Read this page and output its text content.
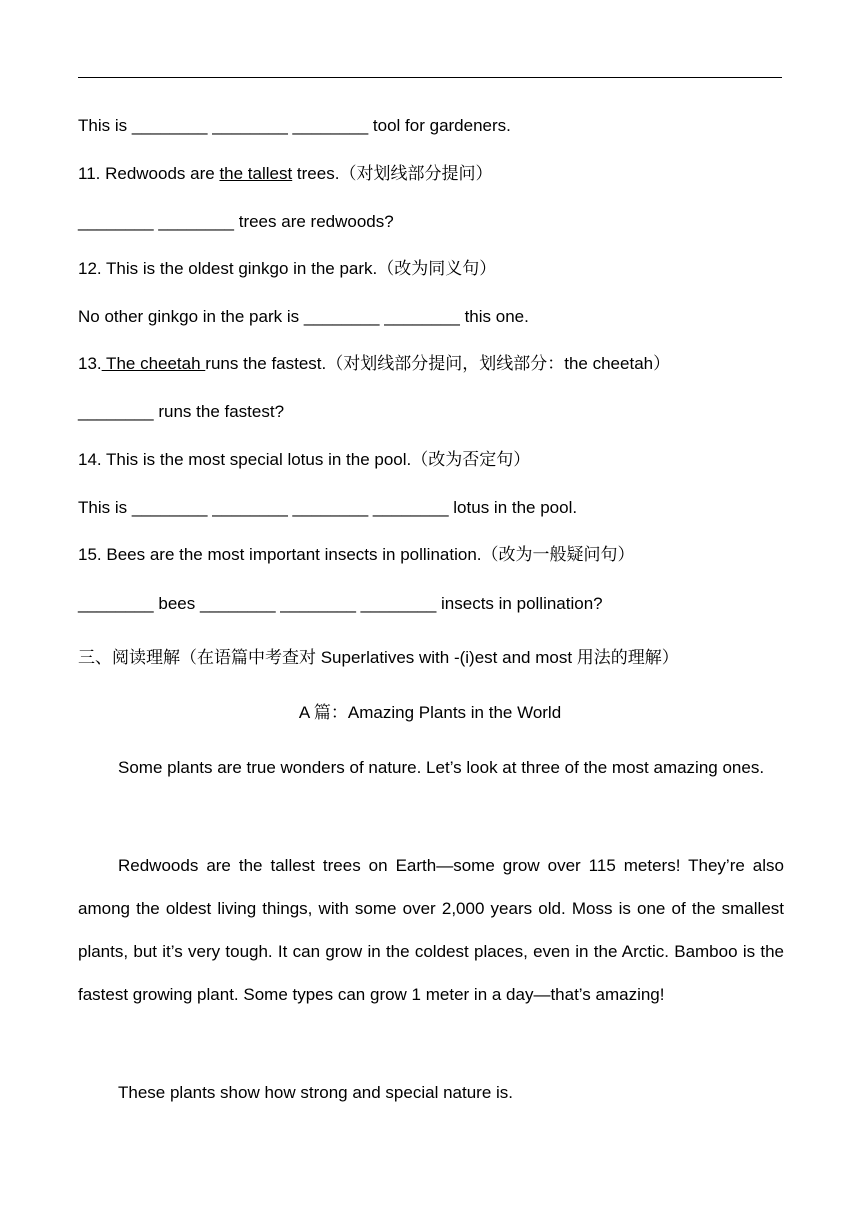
This is ________ ________ ________ tool for gardeners.
11. Redwoods are the tallest trees.（对划线部分提问）
________ ________ trees are redwoods?
12. This is the oldest ginkgo in the park.（改为同义句）
No other ginkgo in the park is ________ ________ this one.
13. The cheetah runs the fastest.（对划线部分提问，划线部分：the cheetah）
________ runs the fastest?
14. This is the most special lotus in the pool.（改为否定句）
This is ________ ________ ________ ________ lotus in the pool.
15. Bees are the most important insects in pollination.（改为一般疑问句）
________ bees ________ ________ ________ insects in pollination?
三、阅读理解（在语篇中考查对 Superlatives with -(i)est and most 用法的理解）
A 篇：Amazing Plants in the World
Some plants are true wonders of nature. Let’s look at three of the most amazing ones.
Redwoods are the tallest trees on Earth—some grow over 115 meters! They’re also among the oldest living things, with some over 2,000 years old. Moss is one of the smallest plants, but it’s very tough. It can grow in the coldest places, even in the Arctic. Bamboo is the fastest growing plant. Some types can grow 1 meter in a day—that’s amazing!
These plants show how strong and special nature is.
